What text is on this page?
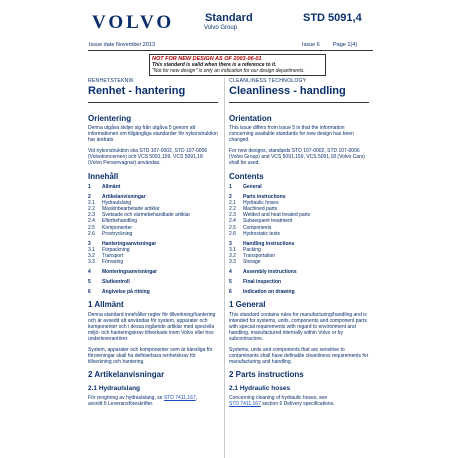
VOLVO	Standard
Volvo Group
STD 5091,4
Issue date November 2013	Issue 6 Page 1(4)
NOT FOR NEW DESIGN AS OF 2003-06-01
This standard is valid when there is a reference to it.
"Not for new design" is only an indication for our design departments.
RENHETSTEKNIK
Renhet - hantering
Orientering
Denna utgåva skiljer sig från utgåva 5 genom att informationen om tillgängliga standarder för nykonstruktion har ändrats.
Vid nykonstruktion ska STD 107-0002, STD 107-0006 (Volvokoncernen) och VCS 5091,159, VCS 5091,18 (Volvo Personvagnar) användas.
Innehåll
1 Allmänt
2 Artikelanvisningar
2.1 Hydraulslang
2.2 Maskinbearbetade artiklar
2.3 Svetsade och värmebehandlade artiklar
2.4 Efterbehandling
2.5 Komponenter
2.6 Provtryckning
3 Hanteringsanvisningar
3.1 Förpackning
3.2 Transport
3.3 Förvaring
4 Monteringsanvisningar
5 Slutkontroll
6 Angivelse på ritning
1 Allmänt
Denna standard innehåller regler för tillverkning/hantering och är avsedd att användas för system, apparater och komponenter och i dessa ingående artiklar med speciella miljö- och hanteringskrav tillverkade inom Volvo eller hos underleverantörer.
System, apparater och komponenter som är känsliga för föroreningar skall ha definierbara renhetskrav för tillverkning och hantering.
2 Artikelanvisningar
2.1 Hydraulslang
För rengöring av hydraulslang, se STD 7411,167,
avsnitt 6 Leveransföreskrifter.
CLEANLINESS TECHNOLOGY
Cleanliness - handling
Orientation
This issue differs from issue 5 in that the information concerning available standards for new design has been changed.
For new designs, standards STD 107-0002, STD 107-0006 (Volvo Group) and VCS 5091,159, VCS 5091,18 (Volvo Cars) shall be used.
Contents
1 General
2 Parts instructions
2.1 Hydraulic hoses
2.2 Machined parts
2.3 Welded and heat treated parts
2.4 Subsequent treatment
2.5 Components
2.6 Hydrostatic tests
3 Handling instructions
3.1 Packing
3.2 Transportation
3.3 Storage
4 Assembly instructions
5 Final inspection
6 Indication on drawing
1 General
This standard contains rules for manufacturing/handling and is intended for systems, units, components and component parts with special requirements with regard to environment and handling, manufactured internally within Volvo or by subcontractors.
Systems, units and components that are sensitive to contaminants shall have definable cleanliness requirements for manufacturing and handling.
2 Parts instructions
2.1 Hydraulic hoses
Concerning cleaning of hydraulic hoses, see
STD 7411,167 section 6 Delivery specifications.
